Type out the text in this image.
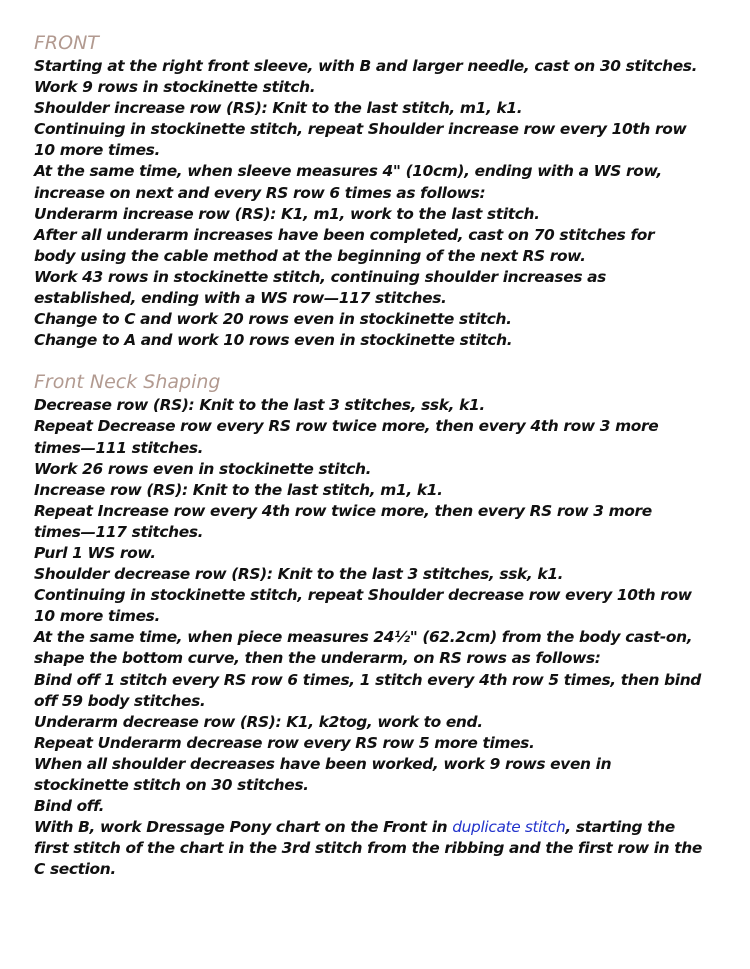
FRONT

Starting at the right front sleeve, with B and larger needle, cast on 30 stitches.

Work 9 rows in stockinette stitch.

Shoulder increase row (RS): Knit to the last stitch, m1, k1.

Continuing in stockinette stitch, repeat Shoulder increase row every 10th row

10 more times.

At the same time, when sleeve measures 4" (10cm), ending with a WS row,

increase on next and every RS row 6 times as follows:

Underarm increase row (RS): K1, m1, work to the last stitch.

After all underarm increases have been completed, cast on 70 stitches for

body using the cable method at the beginning of the next RS row.

Work 43 rows in stockinette stitch, continuing shoulder increases as

established, ending with a WS row—117 stitches.

Change to C and work 20 rows even in stockinette stitch.

Change to A and work 10 rows even in stockinette stitch.

Front Neck Shaping

Decrease row (RS): Knit to the last 3 stitches, ssk, k1.

Repeat Decrease row every RS row twice more, then every 4th row 3 more

times—111 stitches.

Work 26 rows even in stockinette stitch.

Increase row (RS): Knit to the last stitch, m1, k1.

Repeat Increase row every 4th row twice more, then every RS row 3 more

times—117 stitches.

Purl 1 WS row.

Shoulder decrease row (RS): Knit to the last 3 stitches, ssk, k1.

Continuing in stockinette stitch, repeat Shoulder decrease row every 10th row

10 more times.

At the same time, when piece measures 24½" (62.2cm) from the body cast-on,

shape the bottom curve, then the underarm, on RS rows as follows:

Bind off 1 stitch every RS row 6 times, 1 stitch every 4th row 5 times, then bind

off 59 body stitches.

Underarm decrease row (RS): K1, k2tog, work to end.

Repeat Underarm decrease row every RS row 5 more times.

When all shoulder decreases have been worked, work 9 rows even in

stockinette stitch on 30 stitches.

Bind off.

With B, work Dressage Pony chart on the Front in duplicate stitch, starting the

first stitch of the chart in the 3rd stitch from the ribbing and the first row in the

C section.
